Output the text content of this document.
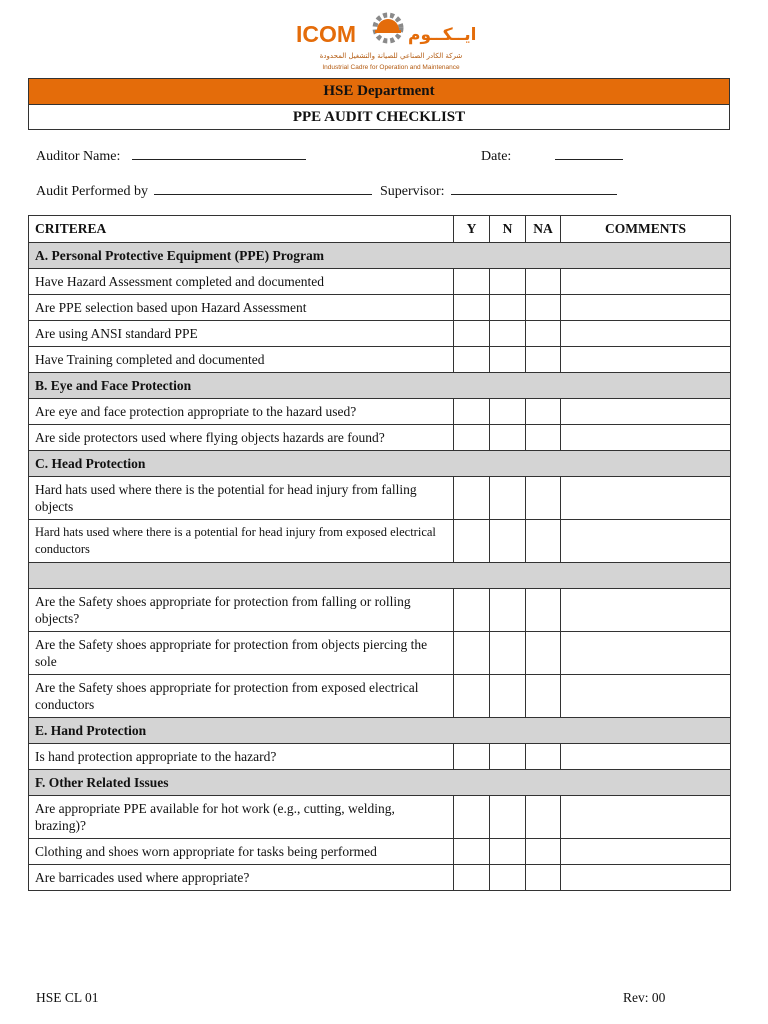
ICOM	ايــكــوم
شركة الكادر الصناعي للصيانة والتشغيل المحدودة
Industrial Cadre for Operation and Maintenance
HSE Department
PPE AUDIT CHECKLIST
Auditor Name:	Date:
Audit Performed by	Supervisor:
CRITEREA	Y	N	NA	COMMENTS
A. Personal Protective Equipment (PPE) Program				
Have Hazard Assessment completed and documented				
Are PPE selection based upon Hazard Assessment				
Are using ANSI standard PPE				
Have Training completed and documented				
B. Eye and Face Protection				
Are eye and face protection appropriate to the hazard used?				
Are side protectors used where flying objects hazards are found?				
C. Head Protection				
Hard hats used where there is the potential for head injury from falling objects				
Hard hats used where there is a potential for head injury from exposed electrical conductors				

Are the Safety shoes appropriate for protection from falling or rolling objects?				
Are the Safety shoes appropriate for protection from objects piercing the sole				
Are the Safety shoes appropriate for protection from exposed electrical conductors				
E. Hand Protection				
Is hand protection appropriate to the hazard?				
F. Other Related Issues				
Are appropriate PPE available for hot work (e.g., cutting, welding, brazing)?				
Clothing and shoes worn appropriate for tasks being performed				
Are barricades used where appropriate?				
HSE CL 01	Rev: 00
